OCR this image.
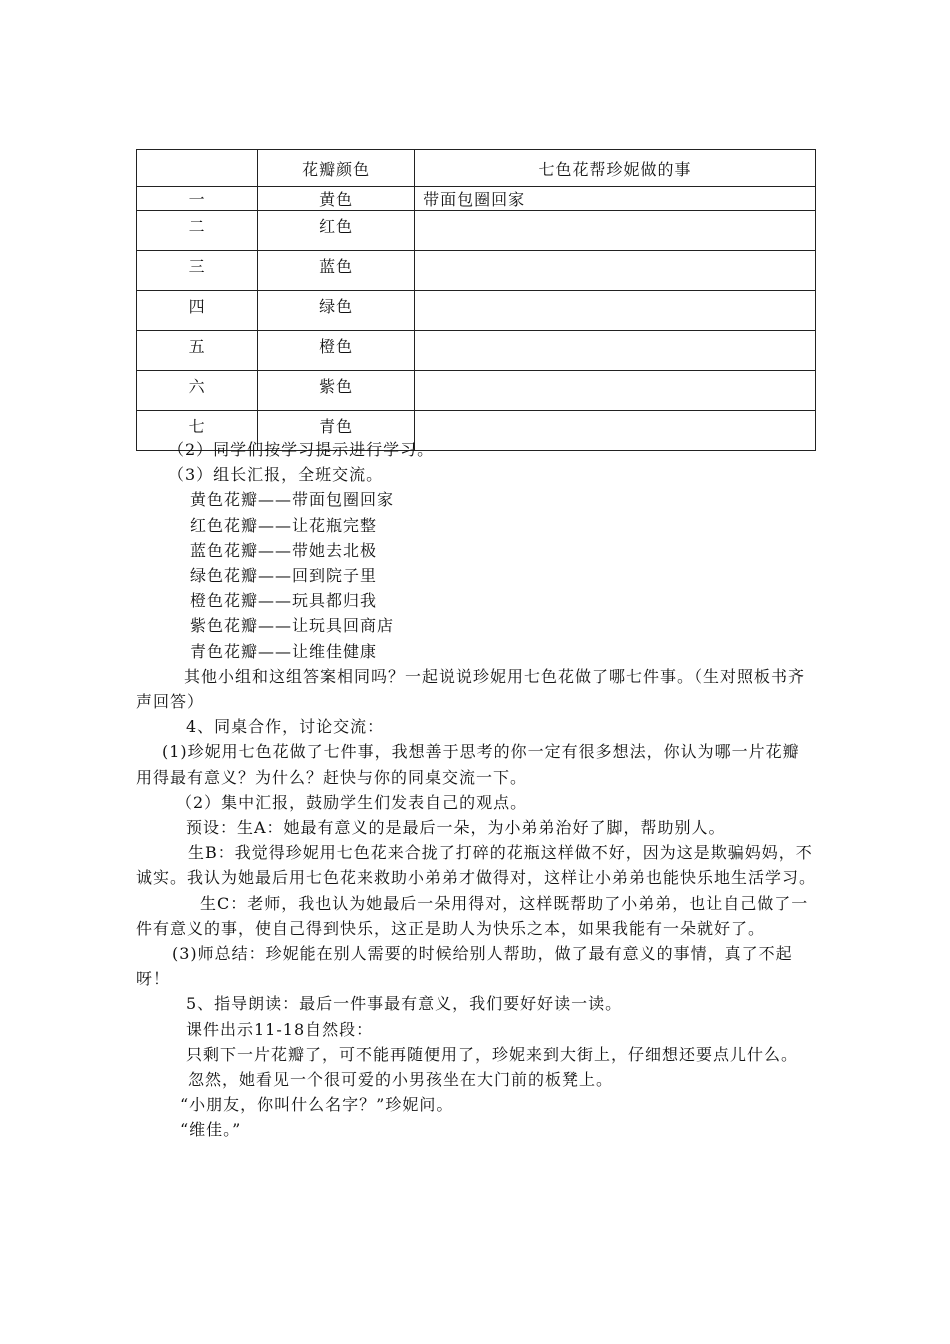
	花瓣颜色	七色花帮珍妮做的事
一	黄色	带面包圈回家
二	红色	
三	蓝色	
四	绿色	
五	橙色	
六	紫色	
七	青色	

（2）同学们按学习提示进行学习。

（3）组长汇报，全班交流。

黄色花瓣——带面包圈回家

红色花瓣——让花瓶完整

蓝色花瓣——带她去北极

绿色花瓣——回到院子里

橙色花瓣——玩具都归我

紫色花瓣——让玩具回商店

青色花瓣——让维佳健康

其他小组和这组答案相同吗？一起说说珍妮用七色花做了哪七件事。（生对照板书齐声回答）

4、同桌合作，讨论交流：

(1)珍妮用七色花做了七件事，我想善于思考的你一定有很多想法，你认为哪一片花瓣用得最有意义？为什么？赶快与你的同桌交流一下。

（2）集中汇报，鼓励学生们发表自己的观点。

预设：生A：她最有意义的是最后一朵，为小弟弟治好了脚，帮助别人。

生B：我觉得珍妮用七色花来合拢了打碎的花瓶这样做不好，因为这是欺骗妈妈，不诚实。我认为她最后用七色花来救助小弟弟才做得对，这样让小弟弟也能快乐地生活学习。

生C：老师，我也认为她最后一朵用得对，这样既帮助了小弟弟，也让自己做了一件有意义的事，使自己得到快乐，这正是助人为快乐之本，如果我能有一朵就好了。

(3)师总结：珍妮能在别人需要的时候给别人帮助，做了最有意义的事情，真了不起呀！

5、指导朗读：最后一件事最有意义，我们要好好读一读。

课件出示11-18自然段：

只剩下一片花瓣了，可不能再随便用了，珍妮来到大街上，仔细想还要点儿什么。

忽然，她看见一个很可爱的小男孩坐在大门前的板凳上。

“小朋友，你叫什么名字？”珍妮问。

“维佳。”
